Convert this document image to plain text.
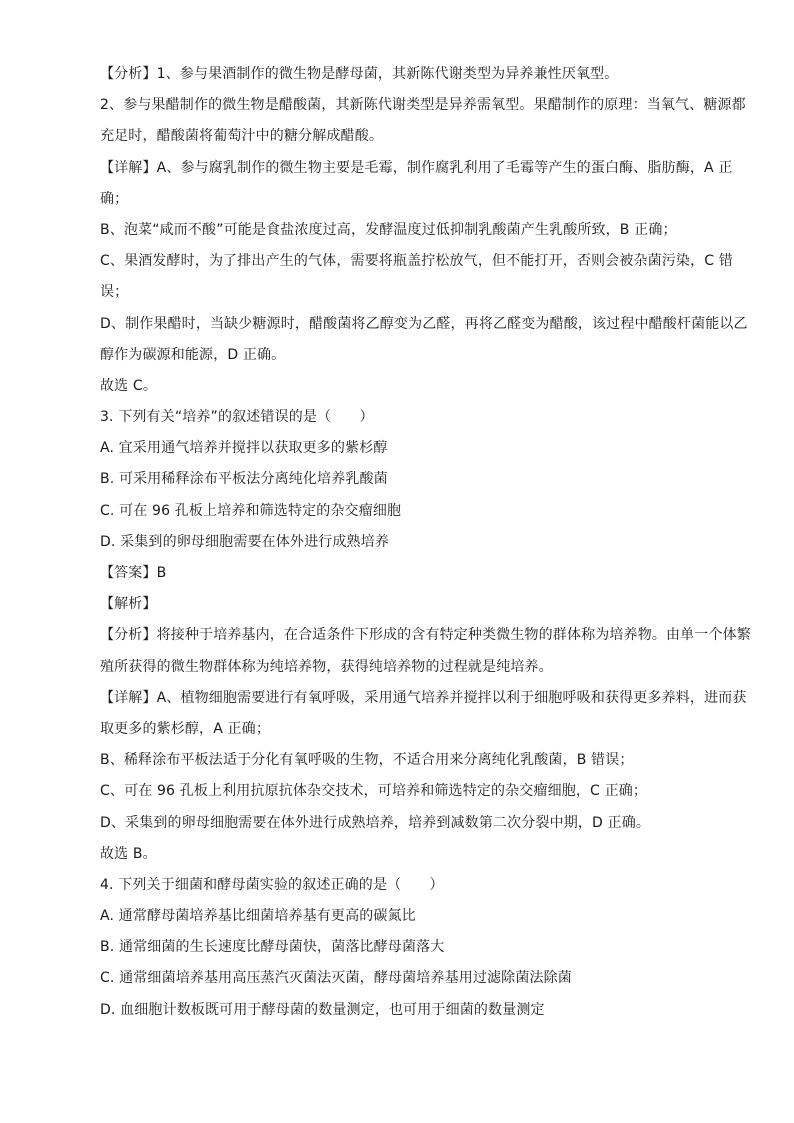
【分析】1、参与果酒制作的微生物是酵母菌，其新陈代谢类型为异养兼性厌氧型。
2、参与果醋制作的微生物是醋酸菌，其新陈代谢类型是异养需氧型。果醋制作的原理：当氧气、糖源都
充足时，醋酸菌将葡萄汁中的糖分解成醋酸。
【详解】A、参与腐乳制作的微生物主要是毛霉，制作腐乳利用了毛霉等产生的蛋白酶、脂肪酶，A 正
确；
B、泡菜“咸而不酸”可能是食盐浓度过高，发酵温度过低抑制乳酸菌产生乳酸所致，B 正确；
C、果酒发酵时，为了排出产生的气体，需要将瓶盖拧松放气，但不能打开，否则会被杂菌污染，C 错
误；
D、制作果醋时，当缺少糖源时，醋酸菌将乙醇变为乙醛，再将乙醛变为醋酸，该过程中醋酸杆菌能以乙
醇作为碳源和能源，D 正确。
故选 C。
3. 下列有关“培养”的叙述错误的是（　　）
A. 宜采用通气培养并搅拌以获取更多的紫杉醇
B. 可采用稀释涂布平板法分离纯化培养乳酸菌
C. 可在 96 孔板上培养和筛选特定的杂交瘤细胞
D. 采集到的卵母细胞需要在体外进行成熟培养
【答案】B
【解析】
【分析】将接种于培养基内，在合适条件下形成的含有特定种类微生物的群体称为培养物。由单一个体繁
殖所获得的微生物群体称为纯培养物，获得纯培养物的过程就是纯培养。
【详解】A、植物细胞需要进行有氧呼吸，采用通气培养并搅拌以利于细胞呼吸和获得更多养料，进而获
取更多的紫杉醇，A 正确；
B、稀释涂布平板法适于分化有氧呼吸的生物，不适合用来分离纯化乳酸菌，B 错误；
C、可在 96 孔板上利用抗原抗体杂交技术，可培养和筛选特定的杂交瘤细胞，C 正确；
D、采集到的卵母细胞需要在体外进行成熟培养，培养到减数第二次分裂中期，D 正确。
故选 B。
4. 下列关于细菌和酵母菌实验的叙述正确的是（　　）
A. 通常酵母菌培养基比细菌培养基有更高的碳氮比
B. 通常细菌的生长速度比酵母菌快，菌落比酵母菌落大
C. 通常细菌培养基用高压蒸汽灭菌法灭菌，酵母菌培养基用过滤除菌法除菌
D. 血细胞计数板既可用于酵母菌的数量测定，也可用于细菌的数量测定
